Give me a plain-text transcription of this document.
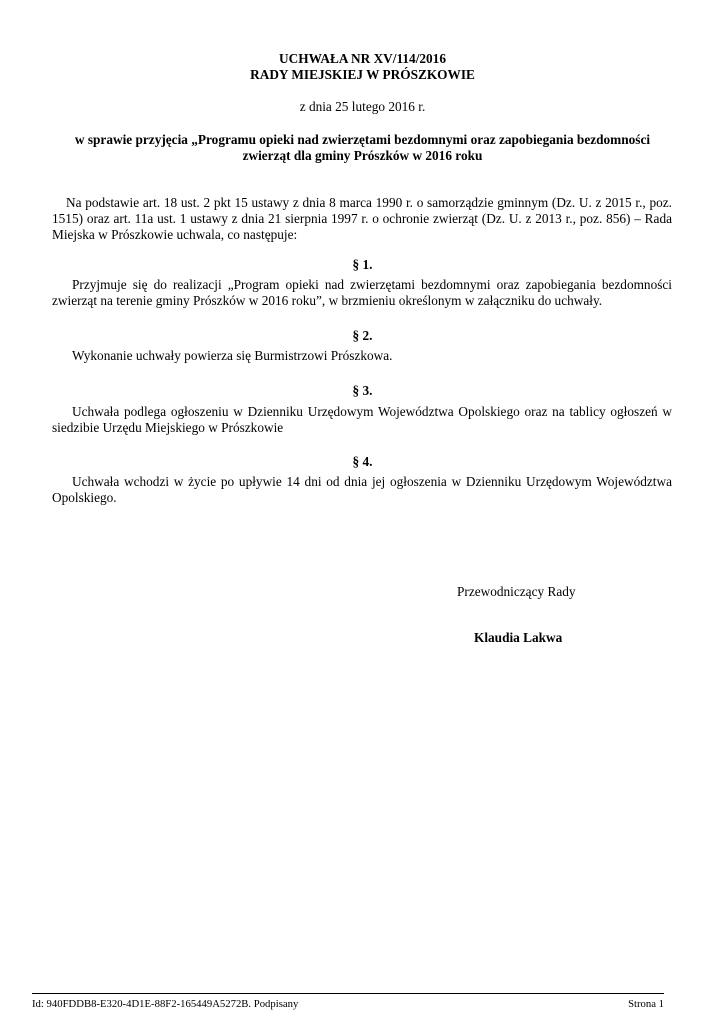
UCHWAŁA NR XV/114/2016
RADY MIEJSKIEJ W PRÓSZKOWIE
z dnia 25 lutego 2016 r.
w sprawie przyjęcia „Programu opieki nad zwierzętami bezdomnymi oraz zapobiegania bezdomności
zwierząt dla gminy Prószków w 2016 roku
Na podstawie art. 18 ust. 2 pkt 15 ustawy z dnia 8 marca 1990 r. o samorządzie gminnym (Dz. U. z 2015 r., poz. 1515) oraz art. 11a ust. 1 ustawy z dnia 21 sierpnia 1997 r. o ochronie zwierząt (Dz. U. z 2013 r., poz. 856) – Rada Miejska w Prószkowie uchwala, co następuje:
§ 1.
Przyjmuje się do realizacji „Program opieki nad zwierzętami bezdomnymi oraz zapobiegania bezdomności zwierząt na terenie gminy Prószków w 2016 roku”, w brzmieniu określonym w załączniku do uchwały.
§ 2.
Wykonanie uchwały powierza się Burmistrzowi Prószkowa.
§ 3.
Uchwała podlega ogłoszeniu w Dzienniku Urzędowym Województwa Opolskiego oraz na tablicy ogłoszeń w siedzibie Urzędu Miejskiego w Prószkowie
§ 4.
Uchwała wchodzi w życie po upływie 14 dni od dnia jej ogłoszenia w Dzienniku Urzędowym Województwa Opolskiego.
Przewodniczący Rady
Klaudia Lakwa
Id: 940FDDB8-E320-4D1E-88F2-165449A5272B. Podpisany	Strona 1
